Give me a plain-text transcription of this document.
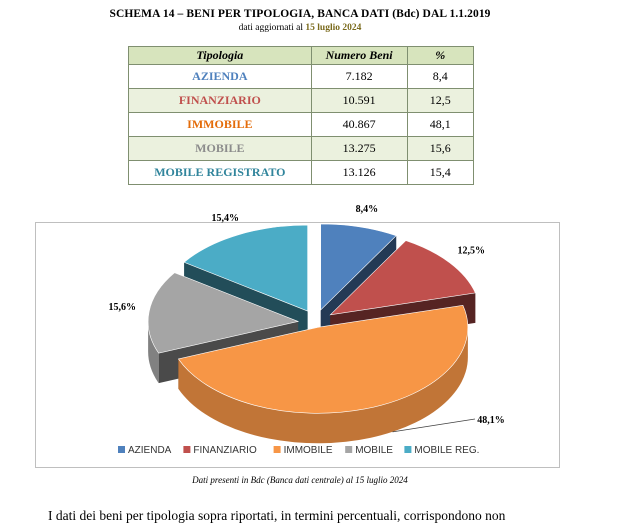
SCHEMA 14 – BENI PER TIPOLOGIA, BANCA DATI (Bdc) DAL 1.1.2019
dati aggiornati al 15 luglio 2024
Tipologia	Numero Beni	%
AZIENDA	7.182	8,4
FINANZIARIO	10.591	12,5
IMMOBILE	40.867	48,1
MOBILE	13.275	15,6
MOBILE REGISTRATO	13.126	15,4
8,4%
12,5%
48,1%
15,6%
15,4%
AZIENDA FINANZIARIO	IMMOBILE MOBILE MOBILE REG.
Dati presenti in Bdc (Banca dati centrale) al 15 luglio 2024
I dati dei beni per tipologia sopra riportati, in termini percentuali, corrispondono non
